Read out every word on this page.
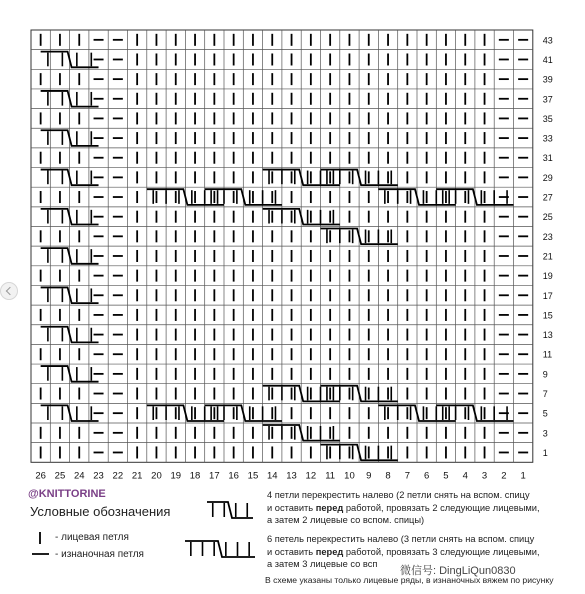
43
41
39
37
35
33
31
29
27
25
23
21
19
17
15
13
11
9
7
5
3
1
26 25 24 23 22 21 20 19 18 17 16 15 14 13 12 11 10 9 8 7 6 5 4 3 2 1
@KNITTORINE
Условные обозначения
- лицевая петля
- изнаночная петля
4 петли перекрестить налево (2 петли снять на вспом. спицу
и оставить перед работой, провязать 2 следующие лицевыми,
а затем 2 лицевые со вспом. спицы)
6 петель перекрестить налево (3 петли снять на вспом. спицу
и оставить перед работой, провязать 3 следующие лицевыми,
а затем 3 лицевые со всп
В схеме указаны только лицевые ряды, в изнаночных вяжем по рисунку
微信号: DingLiQun0830
